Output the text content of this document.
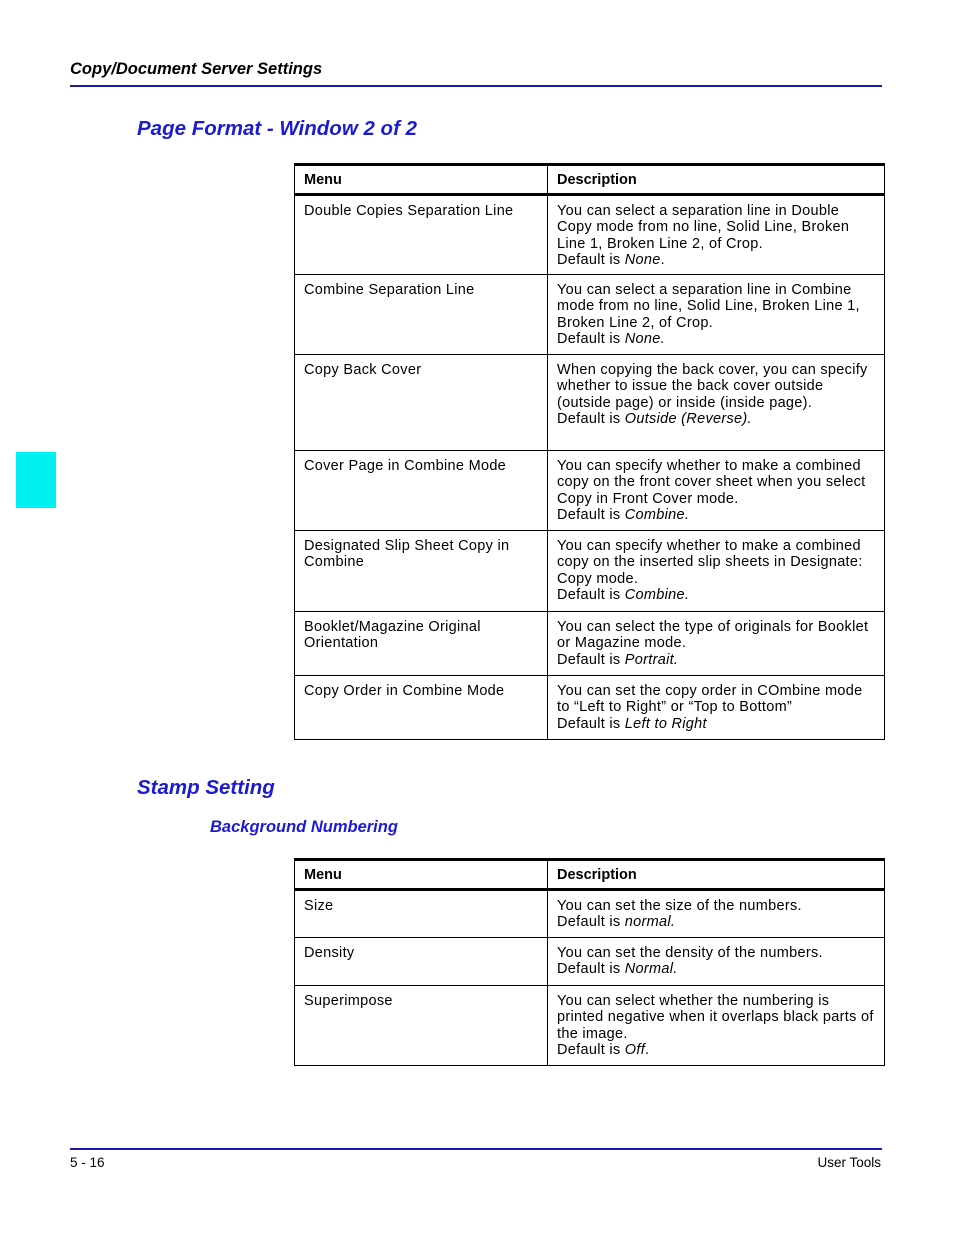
Copy/Document Server Settings
Page Format - Window 2 of 2
Menu	Description
Double Copies Separation Line	You can select a separation line in Double Copy mode from no line, Solid Line, Broken Line 1, Broken Line 2, of Crop.
Default is None.
Combine Separation Line	You can select a separation line in Combine mode from no line, Solid Line, Broken Line 1, Broken Line 2, of Crop.
Default is None.
Copy Back Cover	When copying the back cover, you can specify whether to issue the back cover outside (outside page) or inside (inside page).
Default is Outside (Reverse).
Cover Page in Combine Mode	You can specify whether to make a combined copy on the front cover sheet when you select Copy in Front Cover mode.
Default is Combine.
Designated Slip Sheet Copy in Combine	You can specify whether to make a combined copy on the inserted slip sheets in Designate: Copy mode.
Default is Combine.
Booklet/Magazine Original Orientation	You can select the type of originals for Booklet or Magazine mode.
Default is Portrait.
Copy Order in Combine Mode	You can set the copy order in COmbine mode to “Left to Right” or “Top to Bottom”
Default is Left to Right
Stamp Setting
Background Numbering
Menu	Description
Size	You can set the size of the numbers.
Default is normal.
Density	You can set the density of the numbers.
Default is Normal.
Superimpose	You can select whether the numbering is printed negative when it overlaps black parts of the image.
Default is Off.
5 - 16	User Tools
